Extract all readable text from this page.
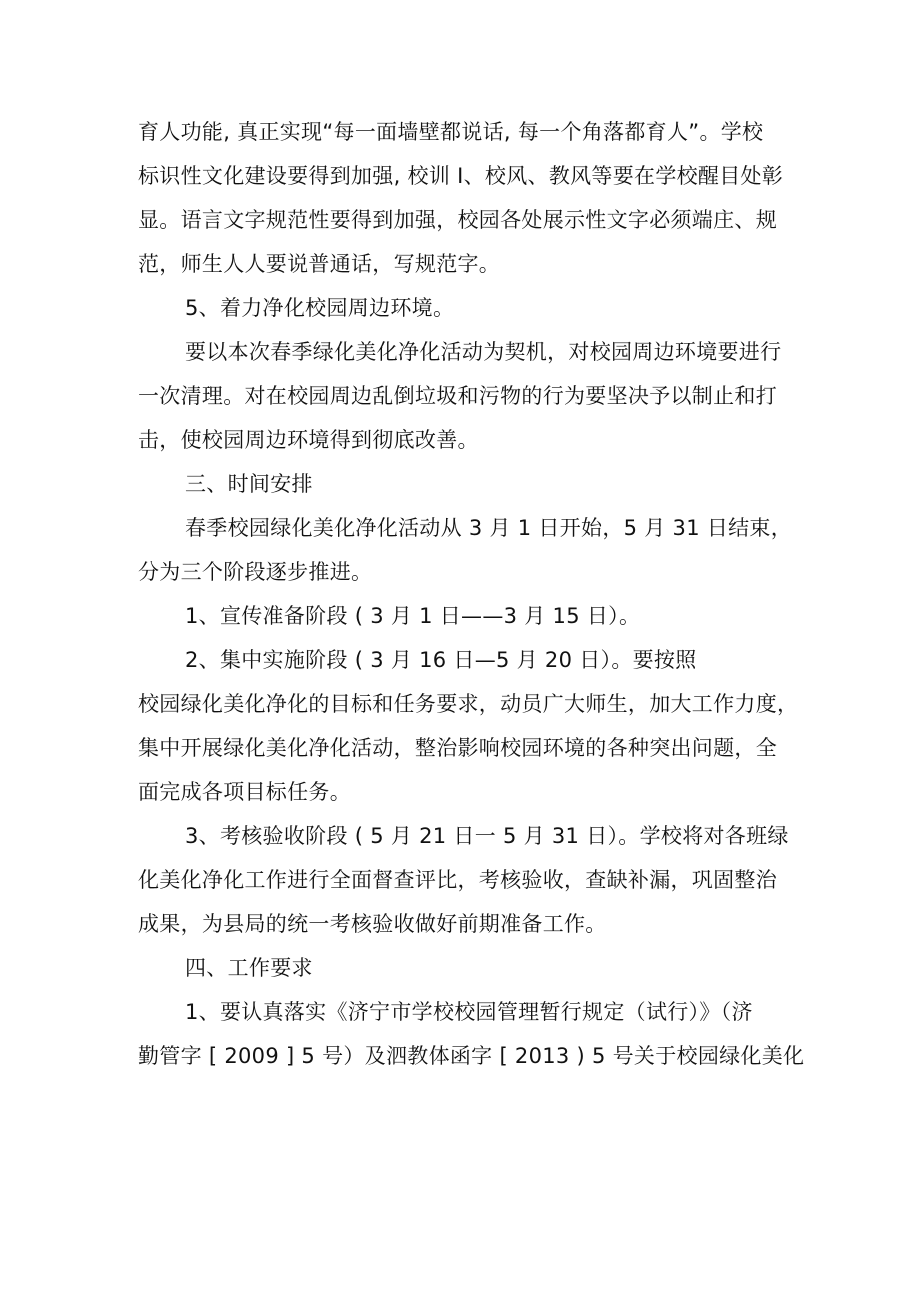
育人功能, 真正实现“每一面墙壁都说话, 每一个角落都育人”。学校
标识性文化建设要得到加强, 校训 I、校风、教风等要在学校醒目处彰
显。语言文字规范性要得到加强，校园各处展示性文字必须端庄、规
范，师生人人要说普通话，写规范字。
5、着力净化校园周边环境。
要以本次春季绿化美化净化活动为契机，对校园周边环境要进行
一次清理。对在校园周边乱倒垃圾和污物的行为要坚决予以制止和打
击，使校园周边环境得到彻底改善。
三、时间安排
春季校园绿化美化净化活动从 3 月 1 日开始，5 月 31 日结束，
分为三个阶段逐步推进。
1、宣传准备阶段 ( 3 月 1 日——3 月 15 日）。
2、集中实施阶段 ( 3 月 16 日—5 月 20 日）。要按照
校园绿化美化净化的目标和任务要求，动员广大师生，加大工作力度，
集中开展绿化美化净化活动，整治影响校园环境的各种突出问题，全
面完成各项目标任务。
3、考核验收阶段 ( 5 月 21 日一 5 月 31 日）。学校将对各班绿
化美化净化工作进行全面督查评比，考核验收，查缺补漏，巩固整治
成果，为县局的统一考核验收做好前期准备工作。
四、工作要求
1、要认真落实《济宁市学校校园管理暂行规定（试行）》（济
勤管字 [ 2009 ] 5 号）及泗教体函字 [ 2013 ) 5 号关于校园绿化美化
